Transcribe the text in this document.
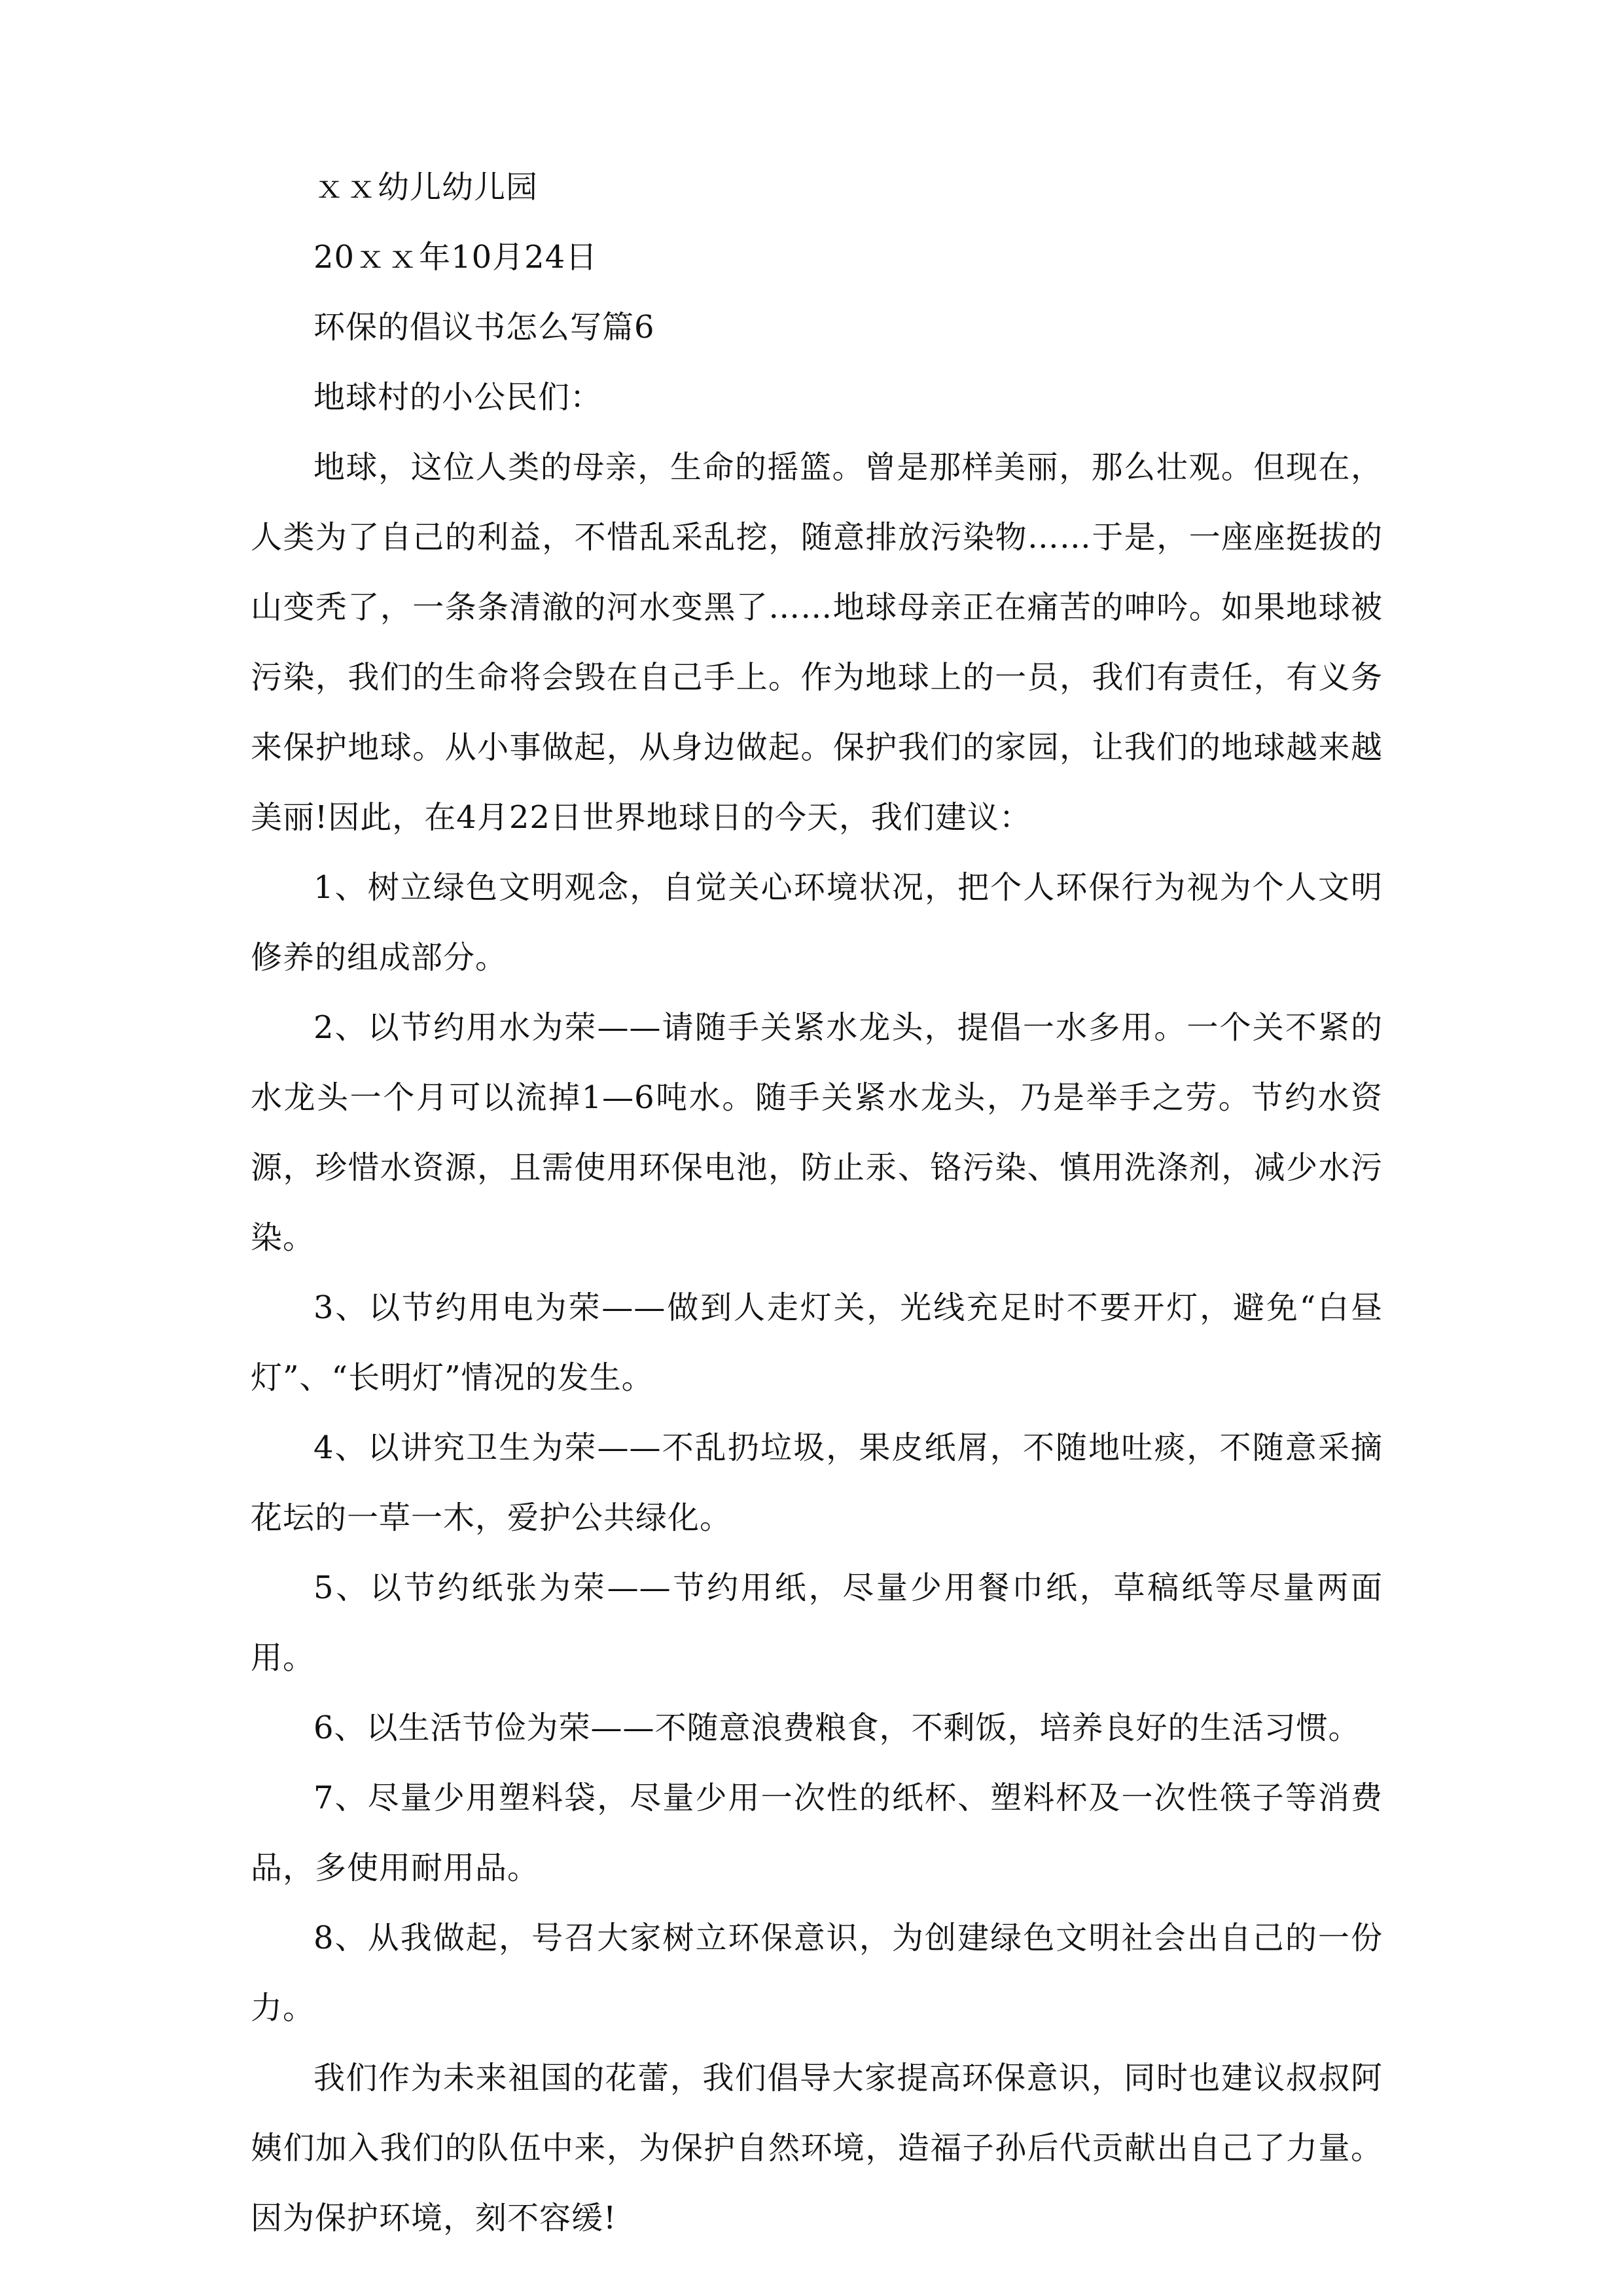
ｘｘ幼儿幼儿园

20ｘｘ年10月24日

环保的倡议书怎么写篇6

地球村的小公民们：

地球，这位人类的母亲，生命的摇篮。曾是那样美丽，那么壮观。但现在，人类为了自己的利益，不惜乱采乱挖，随意排放污染物……于是，一座座挺拔的山变秃了，一条条清澈的河水变黑了……地球母亲正在痛苦的呻吟。如果地球被污染，我们的生命将会毁在自己手上。作为地球上的一员，我们有责任，有义务来保护地球。从小事做起，从身边做起。保护我们的家园，让我们的地球越来越美丽!因此，在4月22日世界地球日的今天，我们建议：

1、树立绿色文明观念，自觉关心环境状况，把个人环保行为视为个人文明修养的组成部分。

2、以节约用水为荣——请随手关紧水龙头，提倡一水多用。一个关不紧的水龙头一个月可以流掉1—6吨水。随手关紧水龙头，乃是举手之劳。节约水资源，珍惜水资源，且需使用环保电池，防止汞、铬污染、慎用洗涤剂，减少水污染。

3、以节约用电为荣——做到人走灯关，光线充足时不要开灯，避免“白昼灯”、“长明灯”情况的发生。

4、以讲究卫生为荣——不乱扔垃圾，果皮纸屑，不随地吐痰，不随意采摘花坛的一草一木，爱护公共绿化。

5、以节约纸张为荣——节约用纸，尽量少用餐巾纸，草稿纸等尽量两面用。

6、以生活节俭为荣——不随意浪费粮食，不剩饭，培养良好的生活习惯。

7、尽量少用塑料袋，尽量少用一次性的纸杯、塑料杯及一次性筷子等消费品，多使用耐用品。

8、从我做起，号召大家树立环保意识，为创建绿色文明社会出自己的一份力。

我们作为未来祖国的花蕾，我们倡导大家提高环保意识，同时也建议叔叔阿姨们加入我们的队伍中来，为保护自然环境，造福子孙后代贡献出自己了力量。因为保护环境，刻不容缓!
